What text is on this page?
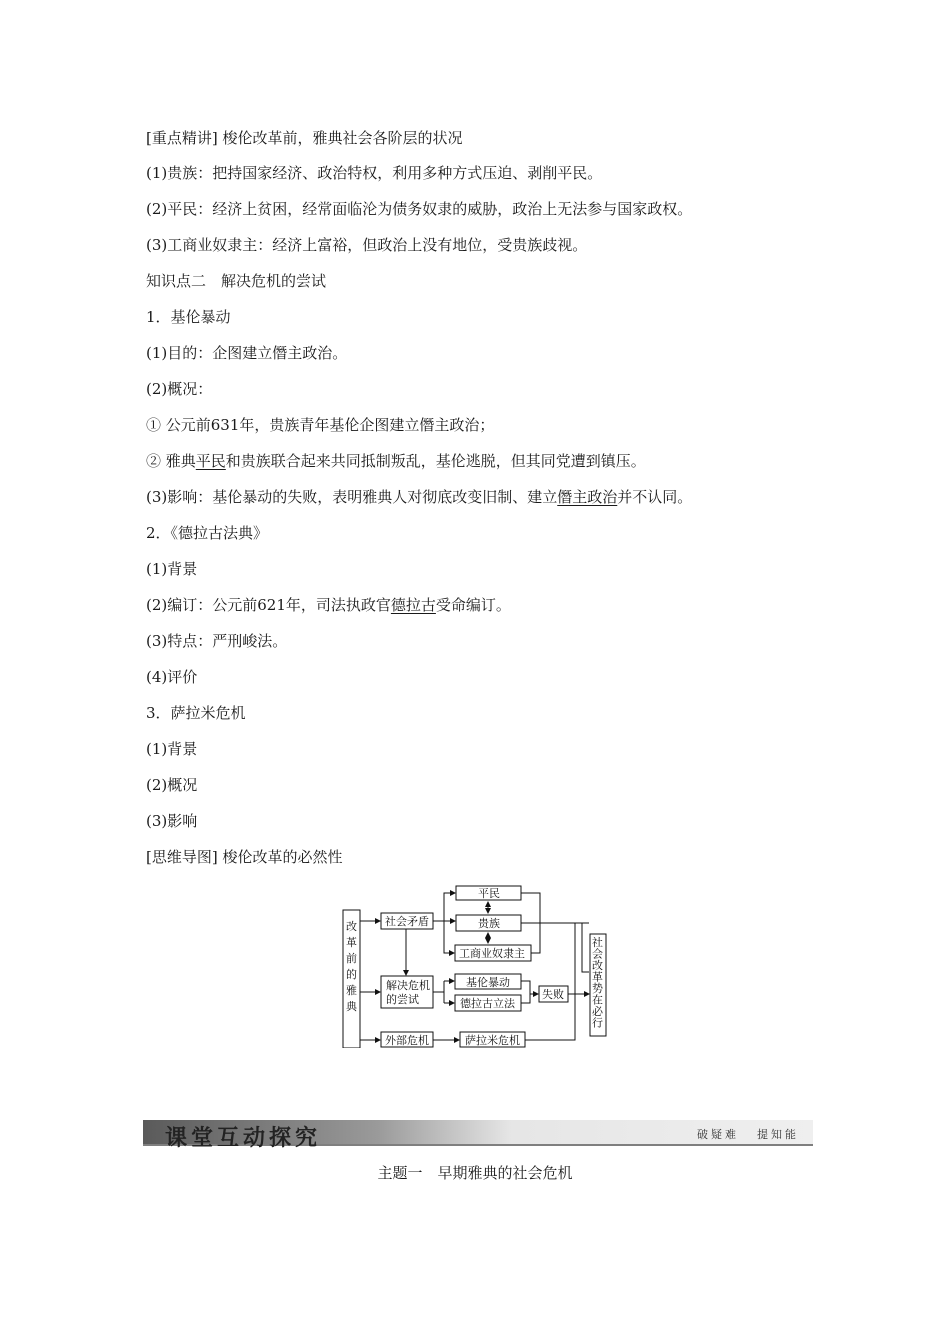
[重点精讲] 梭伦改革前，雅典社会各阶层的状况
(1)贵族：把持国家经济、政治特权，利用多种方式压迫、剥削平民。
(2)平民：经济上贫困，经常面临沦为债务奴隶的威胁，政治上无法参与国家政权。
(3)工商业奴隶主：经济上富裕，但政治上没有地位，受贵族歧视。
知识点二　解决危机的尝试
1．基伦暴动
(1)目的：企图建立僭主政治。
(2)概况：
① 公元前631年，贵族青年基伦企图建立僭主政治；
② 雅典平民和贵族联合起来共同抵制叛乱，基伦逃脱，但其同党遭到镇压。
(3)影响：基伦暴动的失败，表明雅典人对彻底改变旧制、建立僭主政治并不认同。
2．《德拉古法典》
(1)背景
(2)编订：公元前621年，司法执政官德拉古受命编订。
(3)特点：严刑峻法。
(4)评价
3．萨拉米危机
(1)背景
(2)概况
(3)影响
[思维导图] 梭伦改革的必然性
改革前的雅典
社会改革势在必行
社会矛盾
平民
贵族
工商业奴隶主
解决危机
的尝试
基伦暴动
德拉古立法
失败
外部危机	萨拉米危机
课堂互动探究	破疑难 提知能
主题一　早期雅典的社会危机
